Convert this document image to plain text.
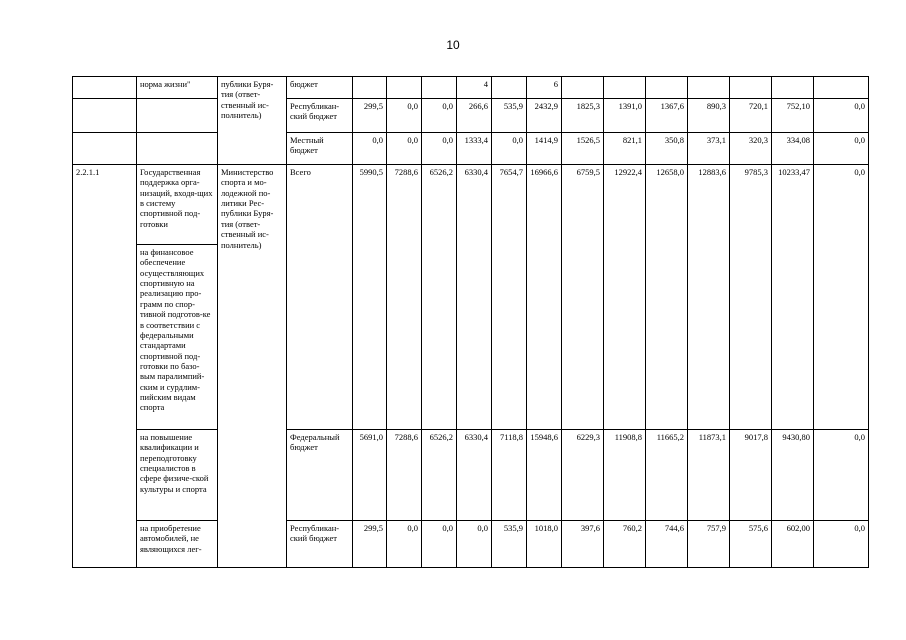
10
	норма жизни"	публики Буря-тия (ответ-ственный ис-полнитель)	бюджет				4		6							
			Республикан-ский бюджет	299,5	0,0	0,0	266,6	535,9	2432,9	1825,3	1391,0	1367,6	890,3	720,1	752,10	0,0
			Местный бюджет	0,0	0,0	0,0	1333,4	0,0	1414,9	1526,5	821,1	350,8	373,1	320,3	334,08	0,0
2.2.1.1	Государственная поддержка орга-низаций, входя-щих в систему спортивной под-готовки	Министерство спорта и мо-лодежной по-литики Рес-публики Буря-тия (ответ-ственный ис-полнитель)	Всего	5990,5	7288,6	6526,2	6330,4	7654,7	16966,6	6759,5	12922,4	12658,0	12883,6	9785,3	10233,47	0,0
	на финансовое обеспечение осуществляющих спортивную на реализацию про-грамм по спор-тивной подготов-ке в соответствии с федеральными стандартами спортивной под-готовки по базо-вым паралимпий-ским и сурдлим-пийским видам спорта															
	на повышение квалификации и переподготовку специалистов в сфере физиче-ской культуры и спорта		Федеральный бюджет	5691,0	7288,6	6526,2	6330,4	7118,8	15948,6	6229,3	11908,8	11665,2	11873,1	9017,8	9430,80	0,0
	на приобретение автомобилей, не являющихся лег-		Республикан-ский бюджет	299,5	0,0	0,0	0,0	535,9	1018,0	397,6	760,2	744,6	757,9	575,6	602,00	0,0
